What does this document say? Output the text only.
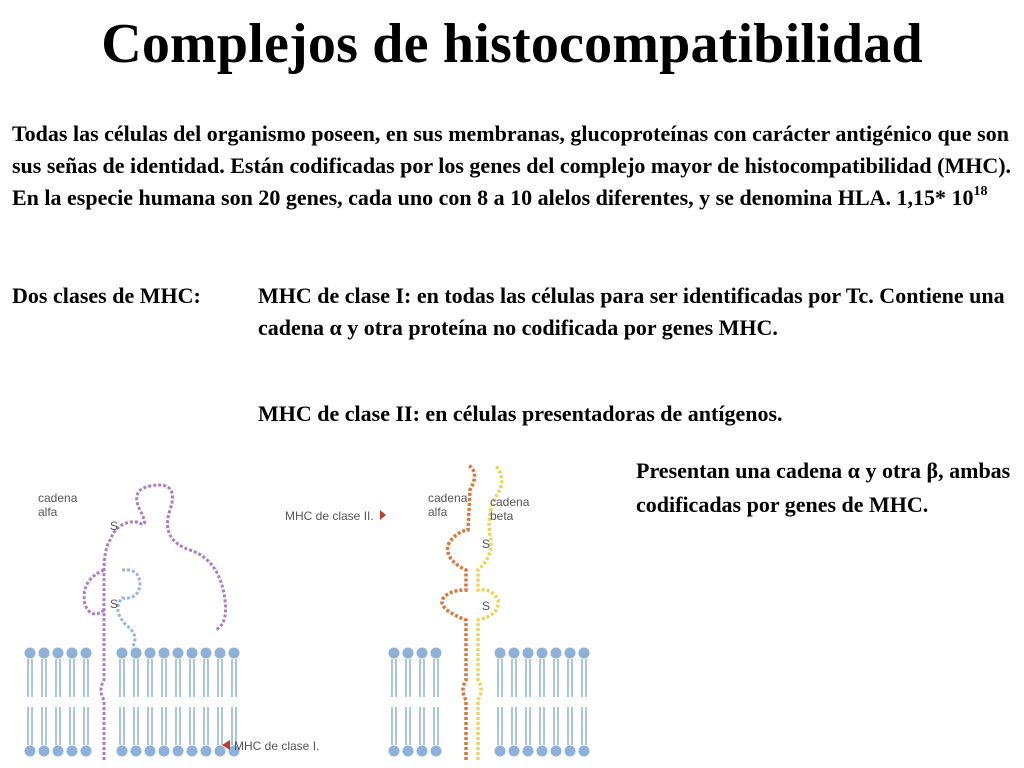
Complejos de histocompatibilidad
Todas las células del organismo poseen, en sus membranas, glucoproteínas con carácter antigénico que son sus señas de identidad. Están codificadas por los genes del complejo mayor de histocompatibilidad (MHC). En la especie humana son 20 genes, cada uno con 8 a 10 alelos diferentes, y se denomina HLA. 1,15* $10^{18}$
Dos clases de MHC:	MHC de clase I: en todas las células para ser identificadas por Tc. Contiene una cadena α y otra proteína no codificada por genes MHC.
MHC de clase II: en células presentadoras de antígenos.
Presentan una cadena α y otra β, ambas codificadas por genes de MHC.
S
S
cadena alfa
MHC de clase I.
MHC de clase II.
S
S
cadena alfa
cadena beta
